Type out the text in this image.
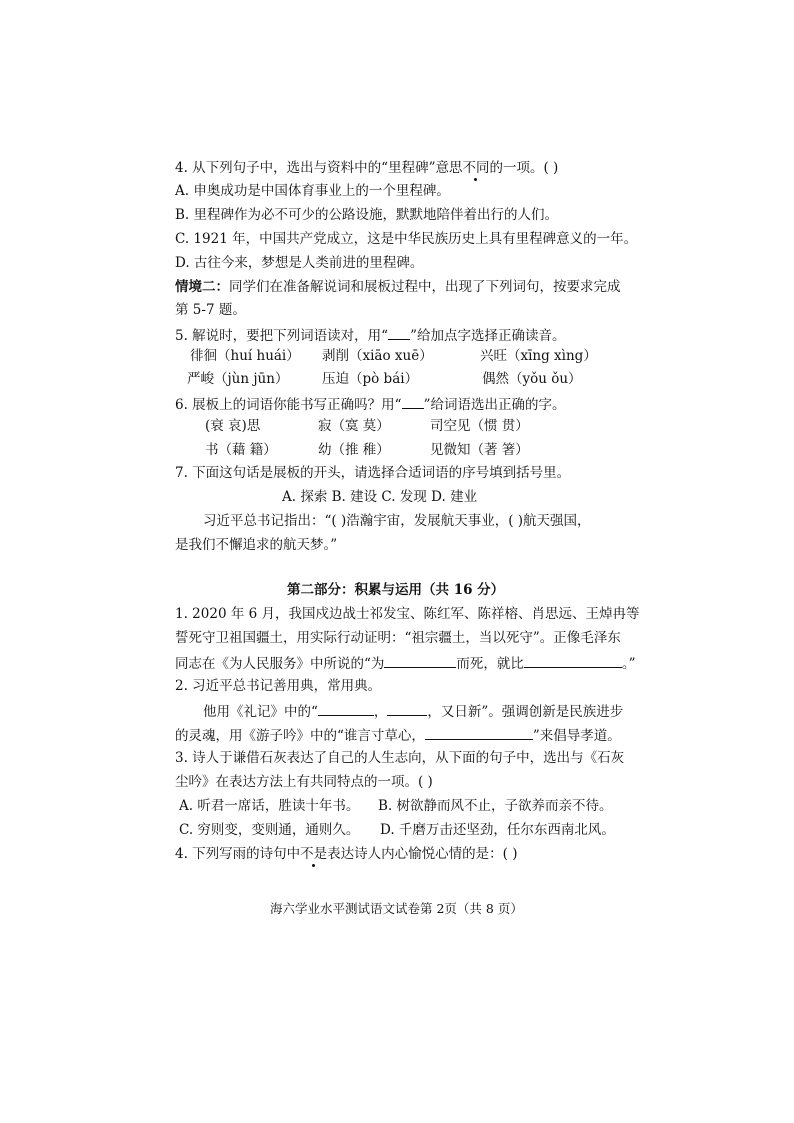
4. 从下列句子中，选出与资料中的“里程碑”意思不同的一项。( )
A. 申奥成功是中国体育事业上的一个里程碑。
B. 里程碑作为必不可少的公路设施，默默地陪伴着出行的人们。
C. 1921 年，中国共产党成立，这是中华民族历史上具有里程碑意义的一年。
D. 古往今来，梦想是人类前进的里程碑。
情境二：同学们在准备解说词和展板过程中，出现了下列词句，按要求完成
第 5-7 题。
5. 解说时，要把下列词语读对，用“ ”给加点字选择正确读音。
徘徊（huí huái） 剥削（xiāo xuē）	兴旺（xīng xìng）
严峻（jùn jūn） 压迫（pò bái）	偶然（yǒu ǒu）
6. 展板上的词语你能书写正确吗？用“ ”给词语选出正确的字。
(衰 哀)思	寂（寞 莫）	司空见（惯 贯）
书（藉 籍）	幼（推 稚）	见微知（著 箸）
7. 下面这句话是展板的开头，请选择合适词语的序号填到括号里。
A. 探索 B. 建设 C. 发现 D. 建业
习近平总书记指出：“( )浩瀚宇宙，发展航天事业，( )航天强国，
是我们不懈追求的航天梦。”
第二部分：积累与运用（共 16 分）
1. 2020 年 6 月，我国戍边战士祁发宝、陈红军、陈祥榕、肖思远、王焯冉等
誓死守卫祖国疆土，用实际行动证明：“祖宗疆土，当以死守”。正像毛泽东
同志在《为人民服务》中所说的“为	而死，就比	。”
2. 习近平总书记善用典，常用典。
他用《礼记》中的“	，	，又日新”。强调创新是民族进步
的灵魂，用《游子吟》中的“谁言寸草心，	”来倡导孝道。
3. 诗人于谦借石灰表达了自己的人生志向，从下面的句子中，选出与《石灰
尘吟》在表达方法上有共同特点的一项。( )
A. 听君一席话，胜读十年书。 B. 树欲静而风不止，子欲养而亲不待。
C. 穷则变，变则通，通则久。 D. 千磨万击还坚劲，任尔东西南北风。
4. 下列写雨的诗句中不是表达诗人内心愉悦心情的是：( )
海六学业水平测试语文试卷第 2页（共 8 页）
